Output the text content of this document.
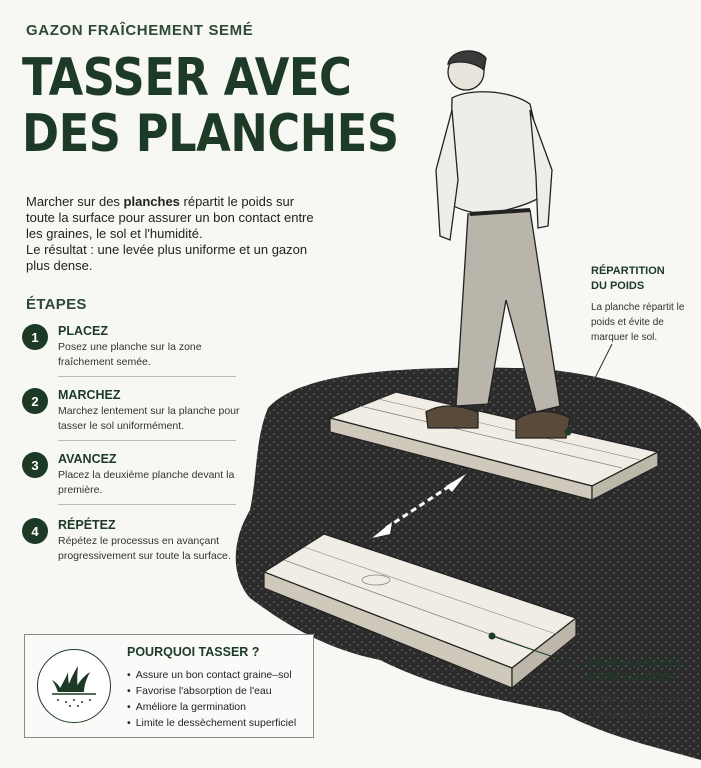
GAZON FRAÎCHEMENT SEMÉ
TASSER AVEC
DES PLANCHES
Marcher sur des planches répartit le poids sur toute la surface pour assurer un bon contact entre les graines, le sol et l'humidité.
Le résultat : une levée plus uniforme et un gazon plus dense.
ÉTAPES
1	PLACEZ
Posez une planche sur la zone fraîchement semée.
2	MARCHEZ
Marchez lentement sur la planche pour tasser le sol uniformément.
3	AVANCEZ
Placez la deuxième planche devant la première.
4	RÉPÉTEZ
Répétez le processus en avançant progressivement sur toute la surface.
POURQUOI TASSER ?
• Assure un bon contact graine–sol
• Favorise l'absorption de l'eau
• Améliore la germination
• Limite le dessèchement superficiel
RÉPARTITION
DU POIDS
La planche répartit le poids et évite de marquer le sol.
DEUX PLANCHES
POUR AVANCER
Permet un mouvement continu et régulier.
